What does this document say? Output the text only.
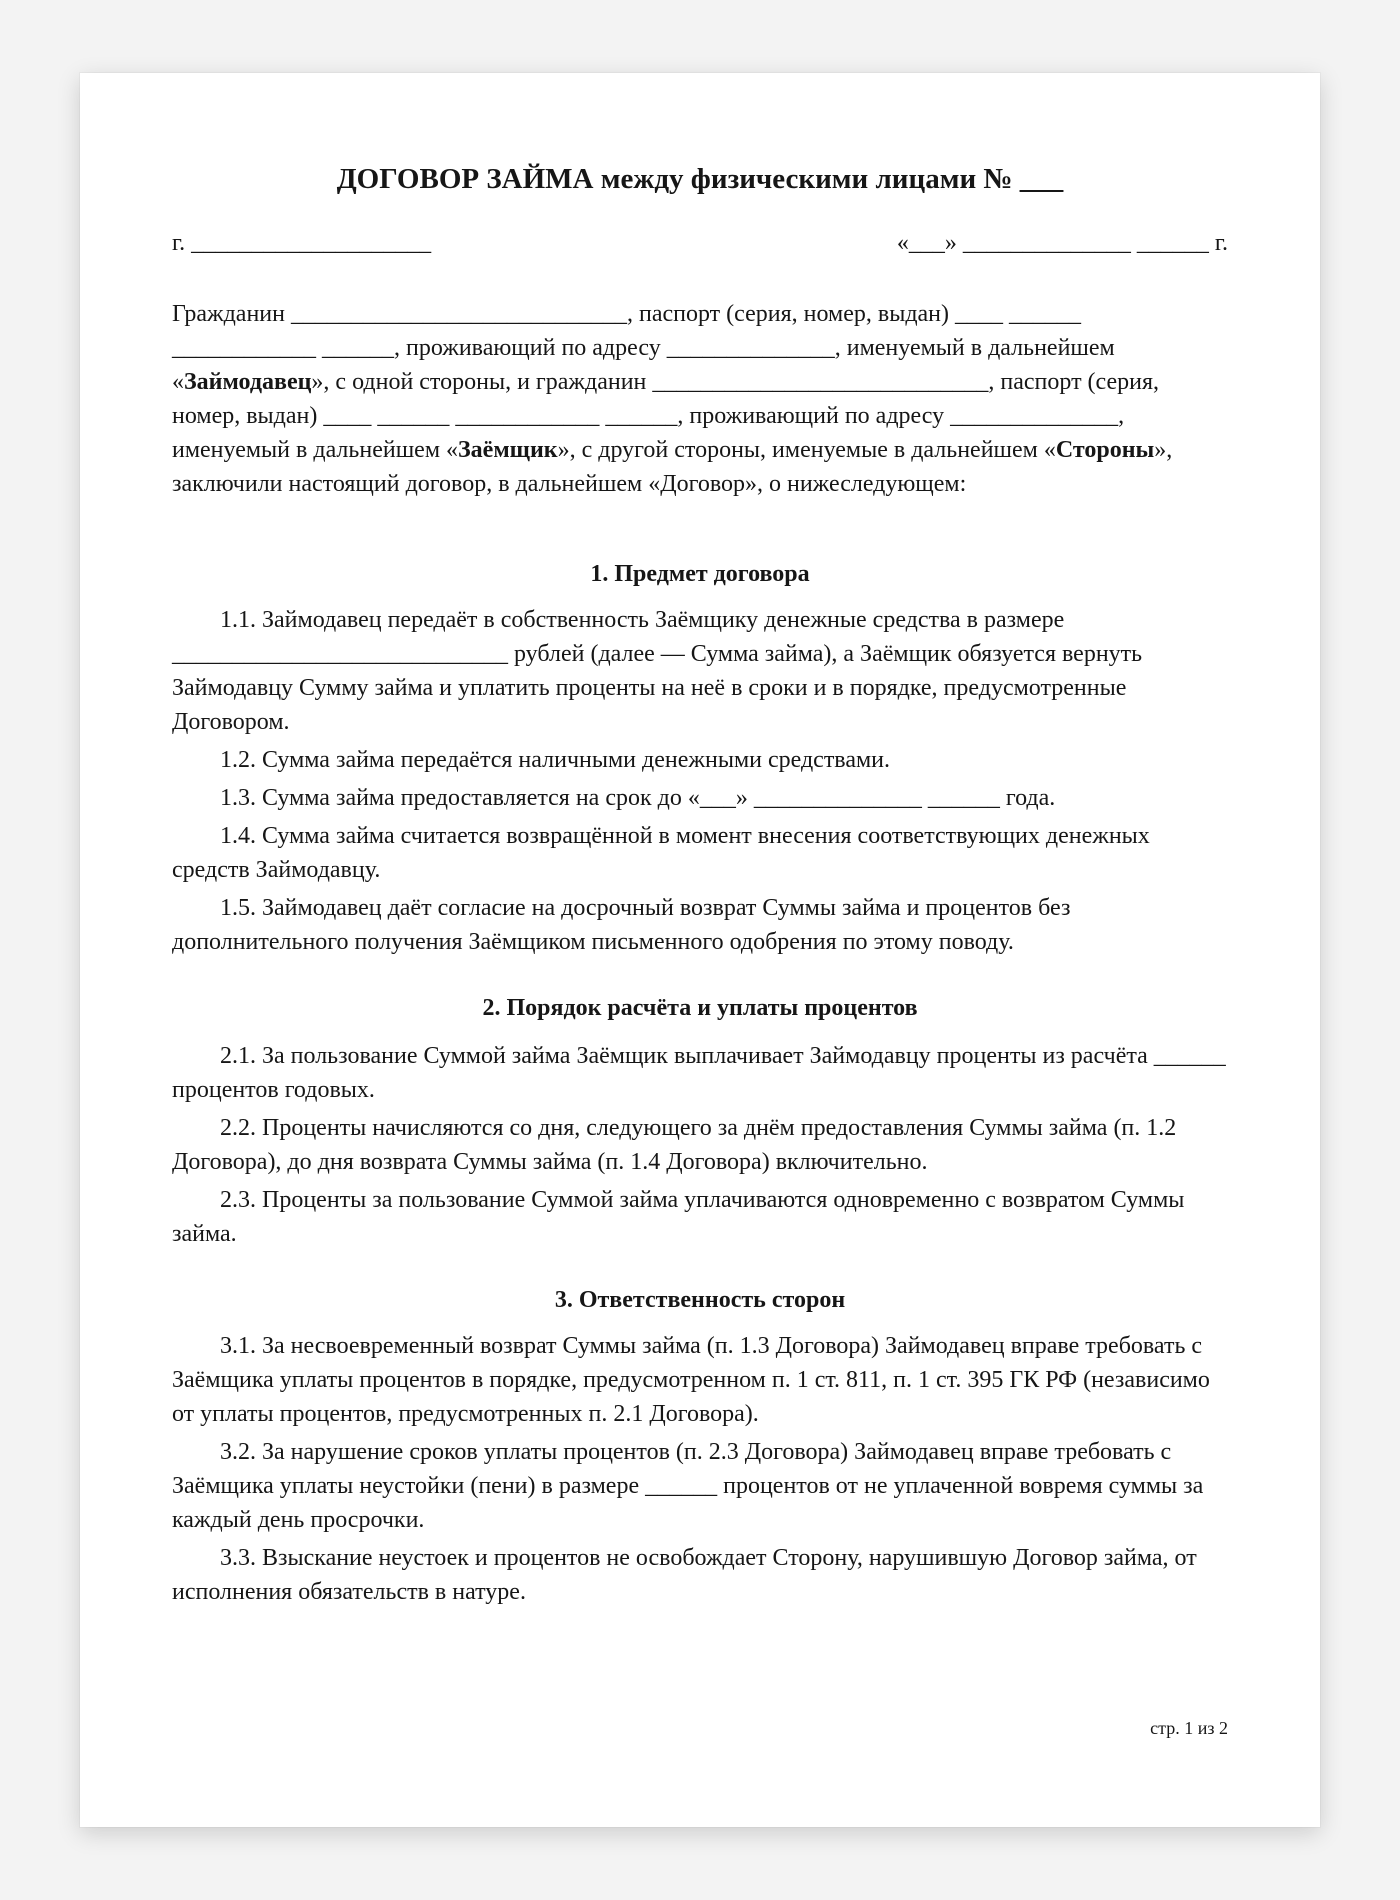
ДОГОВОР ЗАЙМА между физическими лицами № ___

г. ____________________

	«___» ______________ ______ г.

Гражданин ____________________________, паспорт (серия, номер, выдан) ____ ______ ____________ ______, проживающий по адресу ______________, именуемый в дальнейшем «Займодавец», с одной стороны, и гражданин ____________________________, паспорт (серия, номер, выдан) ____ ______ ____________ ______, проживающий по адресу ______________, именуемый в дальнейшем «Заёмщик», с другой стороны, именуемые в дальнейшем «Стороны», заключили настоящий договор, в дальнейшем «Договор», о нижеследующем:

1. Предмет договора

1.1. Займодавец передаёт в собственность Заёмщику денежные средства в размере ____________________________ рублей (далее — Сумма займа), а Заёмщик обязуется вернуть Займодавцу Сумму займа и уплатить проценты на неё в сроки и в порядке, предусмотренные Договором.

1.2. Сумма займа передаётся наличными денежными средствами.

1.3. Сумма займа предоставляется на срок до «___» ______________ ______ года.

1.4. Сумма займа считается возвращённой в момент внесения соответствующих денежных средств Займодавцу.

1.5. Займодавец даёт согласие на досрочный возврат Суммы займа и процентов без дополнительного получения Заёмщиком письменного одобрения по этому поводу.

2. Порядок расчёта и уплаты процентов

2.1. За пользование Суммой займа Заёмщик выплачивает Займодавцу проценты из расчёта ______ процентов годовых.

2.2. Проценты начисляются со дня, следующего за днём предоставления Суммы займа (п. 1.2 Договора), до дня возврата Суммы займа (п. 1.4 Договора) включительно.

2.3. Проценты за пользование Суммой займа уплачиваются одновременно с возвратом Суммы займа.

3. Ответственность сторон

3.1. За несвоевременный возврат Суммы займа (п. 1.3 Договора) Займодавец вправе требовать с Заёмщика уплаты процентов в порядке, предусмотренном п. 1 ст. 811, п. 1 ст. 395 ГК РФ (независимо от уплаты процентов, предусмотренных п. 2.1 Договора).

3.2. За нарушение сроков уплаты процентов (п. 2.3 Договора) Займодавец вправе требовать с Заёмщика уплаты неустойки (пени) в размере ______ процентов от не уплаченной вовремя суммы за каждый день просрочки.

3.3. Взыскание неустоек и процентов не освобождает Сторону, нарушившую Договор займа, от исполнения обязательств в натуре.

стр. 1 из 2
